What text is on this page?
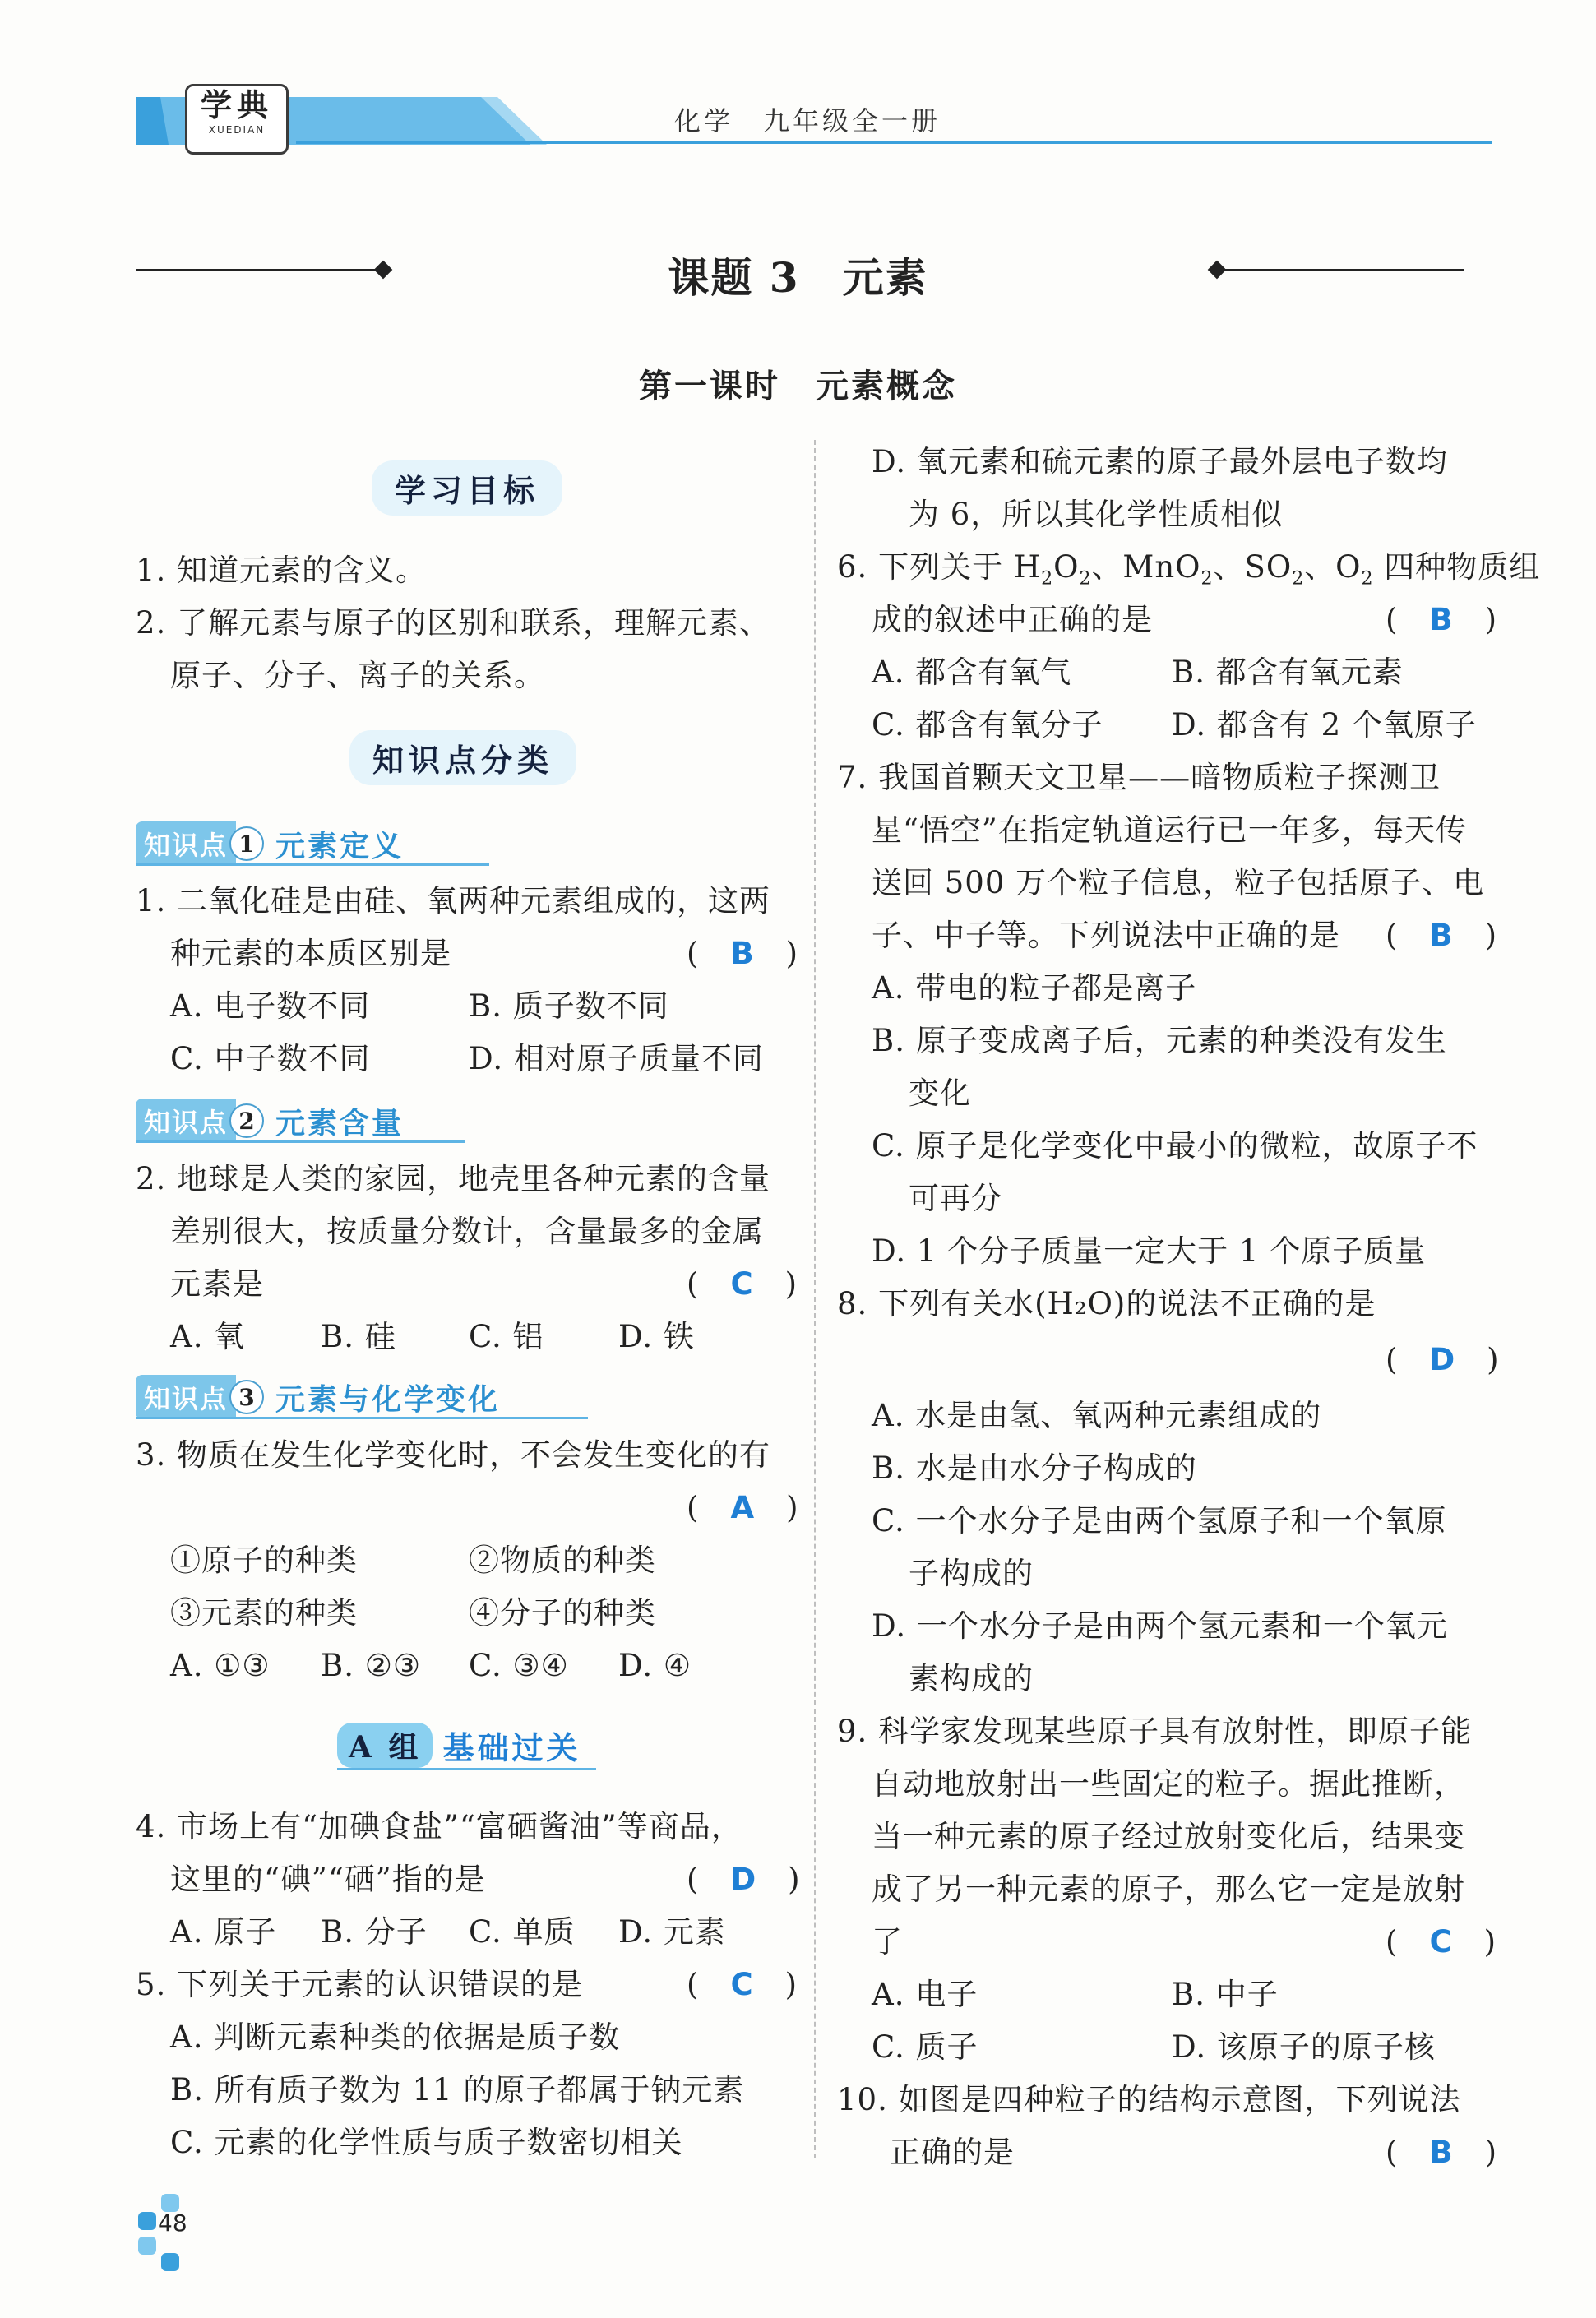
学典
XUEDIAN	化学　九年级全一册
课题 3　元素
第一课时　元素概念
学习目标
1. 知道元素的含义。
2. 了解元素与原子的区别和联系，理解元素、
原子、分子、离子的关系。
知识点分类
知识点 1 元素定义
1. 二氧化硅是由硅、氧两种元素组成的，这两
种元素的本质区别是	(　B　)
A. 电子数不同	B. 质子数不同
C. 中子数不同	D. 相对原子质量不同
知识点 2 元素含量
2. 地球是人类的家园，地壳里各种元素的含量
差别很大，按质量分数计，含量最多的金属
元素是	(　C　)
A. 氧 B. 硅 C. 铝 D. 铁
知识点 3 元素与化学变化
3. 物质在发生化学变化时，不会发生变化的有
(　A　)
①原子的种类	②物质的种类
③元素的种类	④分子的种类
A. ①③ B. ②③ C. ③④ D. ④
A 组 基础过关
4. 市场上有“加碘食盐”“富硒酱油”等商品，
这里的“碘”“硒”指的是	(　D　)
A. 原子 B. 分子 C. 单质 D. 元素
5. 下列关于元素的认识错误的是	(　C　)
A. 判断元素种类的依据是质子数
B. 所有质子数为 11 的原子都属于钠元素
C. 元素的化学性质与质子数密切相关
D. 氧元素和硫元素的原子最外层电子数均
为 6，所以其化学性质相似
6. 下列关于 $H_2O_2$、MnO$_2$、$SO_2$、$O_2$ 四种物质组
成的叙述中正确的是	(　B　)
A. 都含有氧气	B. 都含有氧元素
C. 都含有氧分子 D. 都含有 2 个氧原子
7. 我国首颗天文卫星——暗物质粒子探测卫
星“悟空”在指定轨道运行已一年多，每天传
送回 500 万个粒子信息，粒子包括原子、电
子、中子等。下列说法中正确的是 (　B　)
A. 带电的粒子都是离子
B. 原子变成离子后，元素的种类没有发生
变化
C. 原子是化学变化中最小的微粒，故原子不
可再分
D. 1 个分子质量一定大于 1 个原子质量
8. 下列有关水(H₂O)的说法不正确的是
(　D　)
A. 水是由氢、氧两种元素组成的
B. 水是由水分子构成的
C. 一个水分子是由两个氢原子和一个氧原
子构成的
D. 一个水分子是由两个氢元素和一个氧元
素构成的
9. 科学家发现某些原子具有放射性，即原子能
自动地放射出一些固定的粒子。据此推断，
当一种元素的原子经过放射变化后，结果变
成了另一种元素的原子，那么它一定是放射
了	(　C　)
A. 电子	B. 中子
C. 质子	D. 该原子的原子核
10. 如图是四种粒子的结构示意图，下列说法
正确的是	(　B　)
48
